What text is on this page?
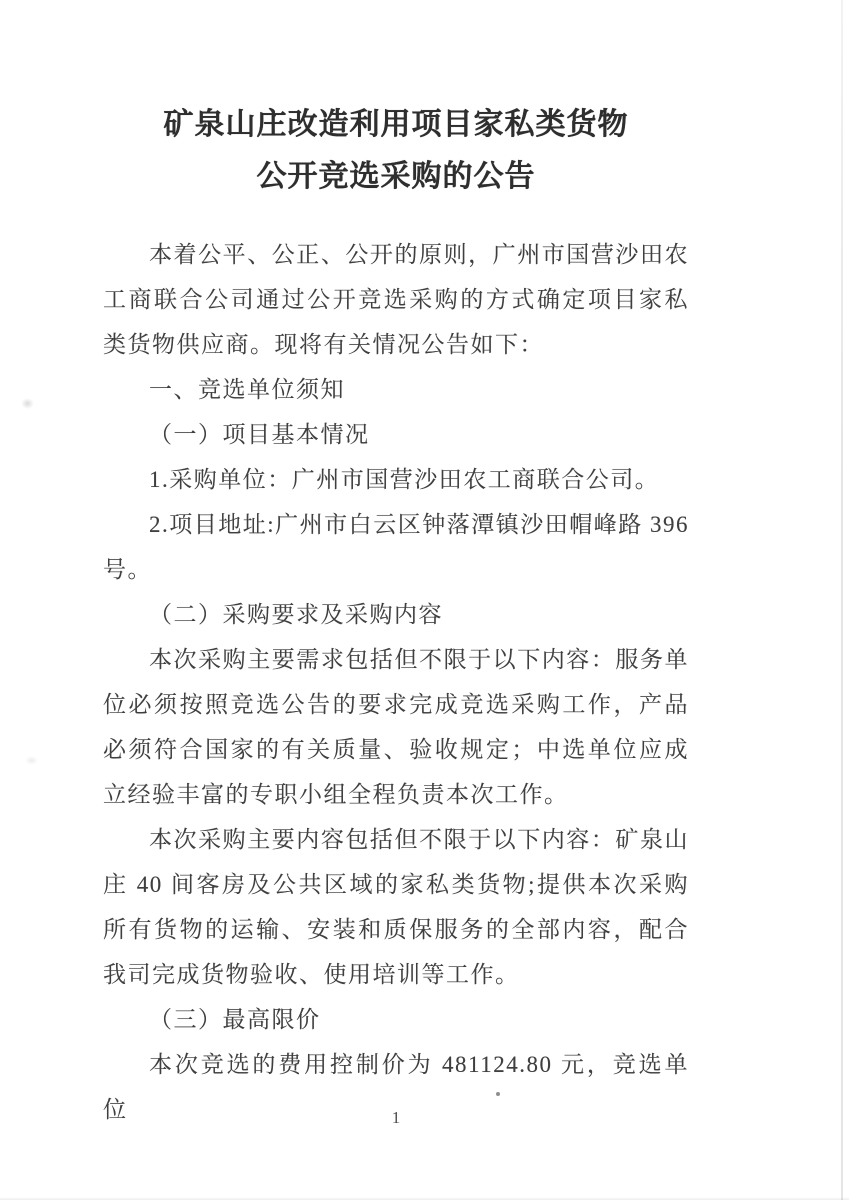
矿泉山庄改造利用项目家私类货物
公开竞选采购的公告

本着公平、公正、公开的原则，广州市国营沙田农工商联合公司通过公开竞选采购的方式确定项目家私类货物供应商。现将有关情况公告如下：

一、竞选单位须知

（一）项目基本情况

1.采购单位：广州市国营沙田农工商联合公司。

2.项目地址:广州市白云区钟落潭镇沙田帽峰路 396 号。

（二）采购要求及采购内容

本次采购主要需求包括但不限于以下内容：服务单位必须按照竞选公告的要求完成竞选采购工作，产品必须符合国家的有关质量、验收规定；中选单位应成立经验丰富的专职小组全程负责本次工作。

本次采购主要内容包括但不限于以下内容：矿泉山庄 40 间客房及公共区域的家私类货物;提供本次采购所有货物的运输、安装和质保服务的全部内容，配合我司完成货物验收、使用培训等工作。

（三）最高限价

本次竞选的费用控制价为 481124.80 元，竞选单位	1
